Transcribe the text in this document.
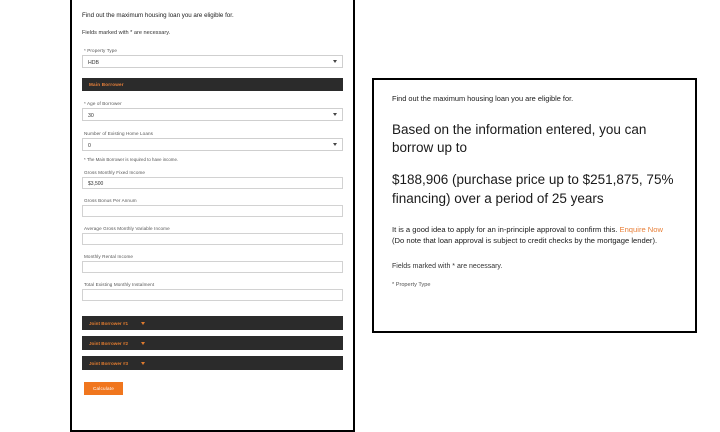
Find out the maximum housing loan you are eligible for.
Fields marked with * are necessary.
* Property Type
HDB
Main Borrower
* Age of Borrower
30
Number of Existing Home Loans
0
* The Main Borrower is required to have income.
Gross Monthly Fixed Income
$3,500
Gross Bonus Per Annum
Average Gross Monthly Variable Income
Monthly Rental Income
Total Existing Monthly Instalment
Joint Borrower #1
Joint Borrower #2
Joint Borrower #3
Calculate
Find out the maximum housing loan you are eligible for.
Based on the information entered, you can borrow up to
$188,906 (purchase price up to $251,875, 75% financing) over a period of 25 years
It is a good idea to apply for an in-principle approval to confirm this. Enquire Now (Do note that loan approval is subject to credit checks by the mortgage lender).
Fields marked with * are necessary.
* Property Type
